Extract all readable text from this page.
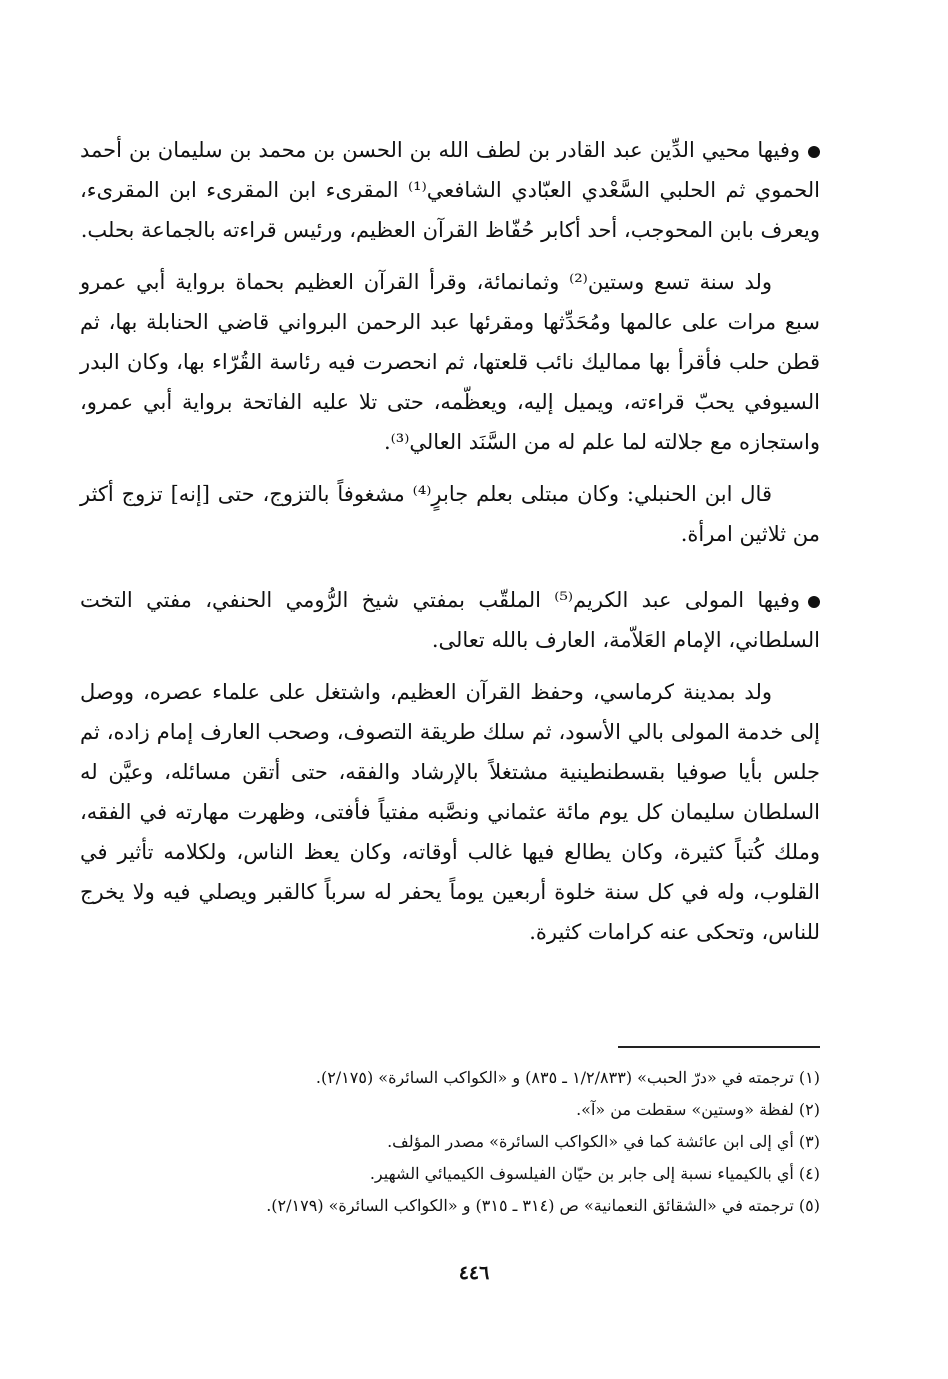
وفيها محيي الدِّين عبد القادر بن لطف الله بن الحسن بن محمد بن سليمان بن أحمد الحموي ثم الحلبي السَّعْدي العبّادي الشافعي⁽¹⁾ المقرىء ابن المقرىء ابن المقرىء، ويعرف بابن المحوجب، أحد أكابر حُفّاظ القرآن العظيم، ورئيس قراءته بالجماعة بحلب.

ولد سنة تسع وستين⁽²⁾ وثمانمائة، وقرأ القرآن العظيم بحماة برواية أبي عمرو سبع مرات على عالمها ومُحَدِّثها ومقرئها عبد الرحمن البرواني قاضي الحنابلة بها، ثم قطن حلب فأقرأ بها مماليك نائب قلعتها، ثم انحصرت فيه رئاسة القُرّاء بها، وكان البدر السيوفي يحبّ قراءته، ويميل إليه، ويعظّمه، حتى تلا عليه الفاتحة برواية أبي عمرو، واستجازه مع جلالته لما علم له من السَّنَد العالي⁽³⁾.

قال ابن الحنبلي: وكان مبتلى بعلم جابرٍ⁽⁴⁾ مشغوفاً بالتزوج، حتى [إنه] تزوج أكثر من ثلاثين امرأة.

وفيها المولى عبد الكريم⁽⁵⁾ الملقّب بمفتي شيخ الرُّومي الحنفي، مفتي التخت السلطاني، الإمام العَلاّمة، العارف بالله تعالى.

ولد بمدينة كرماسي، وحفظ القرآن العظيم، واشتغل على علماء عصره، ووصل إلى خدمة المولى بالي الأسود، ثم سلك طريقة التصوف، وصحب العارف إمام زاده، ثم جلس بأيا صوفيا بقسطنطينية مشتغلاً بالإرشاد والفقه، حتى أتقن مسائله، وعيَّن له السلطان سليمان كل يوم مائة عثماني ونصَّبه مفتياً فأفتى، وظهرت مهارته في الفقه، وملك كُتباً كثيرة، وكان يطالع فيها غالب أوقاته، وكان يعظ الناس، ولكلامه تأثير في القلوب، وله في كل سنة خلوة أربعين يوماً يحفر له سرباً كالقبر ويصلي فيه ولا يخرج للناس، وتحكى عنه كرامات كثيرة.

(١) ترجمته في «درّ الحبب» (١/٢/٨٣٣ ـ ٨٣٥) و «الكواكب السائرة» (٢/١٧٥).

(٢) لفظة «وستين» سقطت من «آ».

(٣) أي إلى ابن عائشة كما في «الكواكب السائرة» مصدر المؤلف.

(٤) أي بالكيمياء نسبة إلى جابر بن حيّان الفيلسوف الكيميائي الشهير.

(٥) ترجمته في «الشقائق النعمانية» ص (٣١٤ ـ ٣١٥) و «الكواكب السائرة» (٢/١٧٩).

٤٤٦
